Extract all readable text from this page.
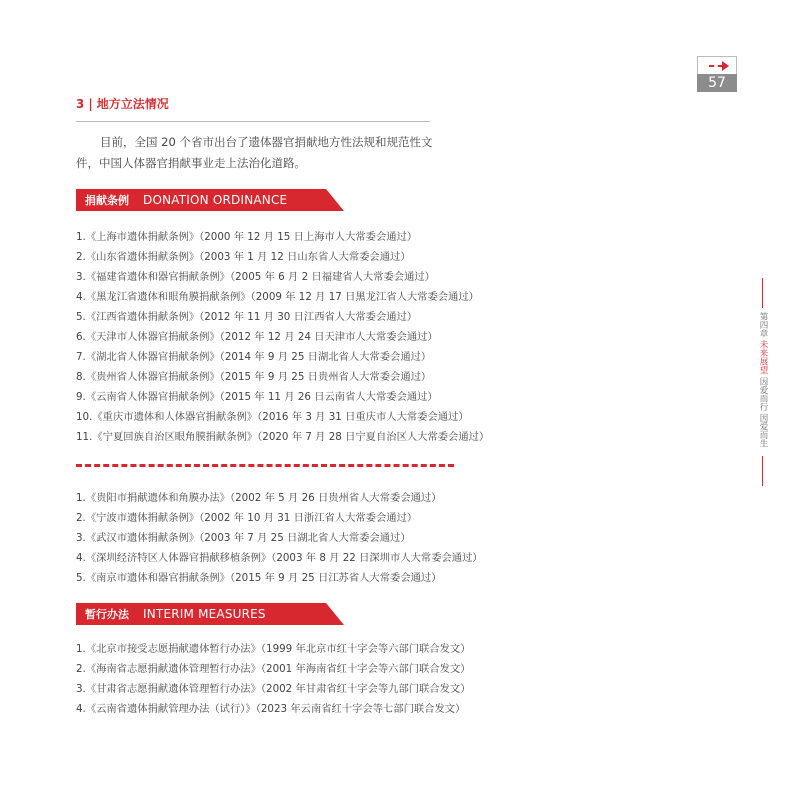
57
3 | 地方立法情况
目前，全国 20 个省市出台了遗体器官捐献地方性法规和规范性文件，中国人体器官捐献事业走上法治化道路。
捐献条例 DONATION ORDINANCE
1.《上海市遗体捐献条例》（2000 年 12 月 15 日上海市人大常委会通过）
2.《山东省遗体捐献条例》（2003 年 1 月 12 日山东省人大常委会通过）
3.《福建省遗体和器官捐献条例》（2005 年 6 月 2 日福建省人大常委会通过）
4.《黑龙江省遗体和眼角膜捐献条例》（2009 年 12 月 17 日黑龙江省人大常委会通过）
5.《江西省遗体捐献条例》（2012 年 11 月 30 日江西省人大常委会通过）
6.《天津市人体器官捐献条例》（2012 年 12 月 24 日天津市人大常委会通过）
7.《湖北省人体器官捐献条例》（2014 年 9 月 25 日湖北省人大常委会通过）
8.《贵州省人体器官捐献条例》（2015 年 9 月 25 日贵州省人大常委会通过）
9.《云南省人体器官捐献条例》（2015 年 11 月 26 日云南省人大常委会通过）
10.《重庆市遗体和人体器官捐献条例》（2016 年 3 月 31 日重庆市人大常委会通过）
11.《宁夏回族自治区眼角膜捐献条例》（2020 年 7 月 28 日宁夏自治区人大常委会通过）
1.《贵阳市捐献遗体和角膜办法》（2002 年 5 月 26 日贵州省人大常委会通过）
2.《宁波市遗体捐献条例》（2002 年 10 月 31 日浙江省人大常委会通过）
3.《武汉市遗体捐献条例》（2003 年 7 月 25 日湖北省人大常委会通过）
4.《深圳经济特区人体器官捐献移植条例》（2003 年 8 月 22 日深圳市人大常委会通过）
5.《南京市遗体和器官捐献条例》（2015 年 9 月 25 日江苏省人大常委会通过）
暂行办法 INTERIM MEASURES
1.《北京市接受志愿捐献遗体暂行办法》（1999 年北京市红十字会等六部门联合发文）
2.《海南省志愿捐献遗体管理暂行办法》（2001 年海南省红十字会等六部门联合发文）
3.《甘肃省志愿捐献遗体管理暂行办法》（2002 年甘肃省红十字会等九部门联合发文）
4.《云南省遗体捐献管理办法（试行）》（2023 年云南省红十字会等七部门联合发文）
第四章 未来展望 因爱而行 因爱而生
